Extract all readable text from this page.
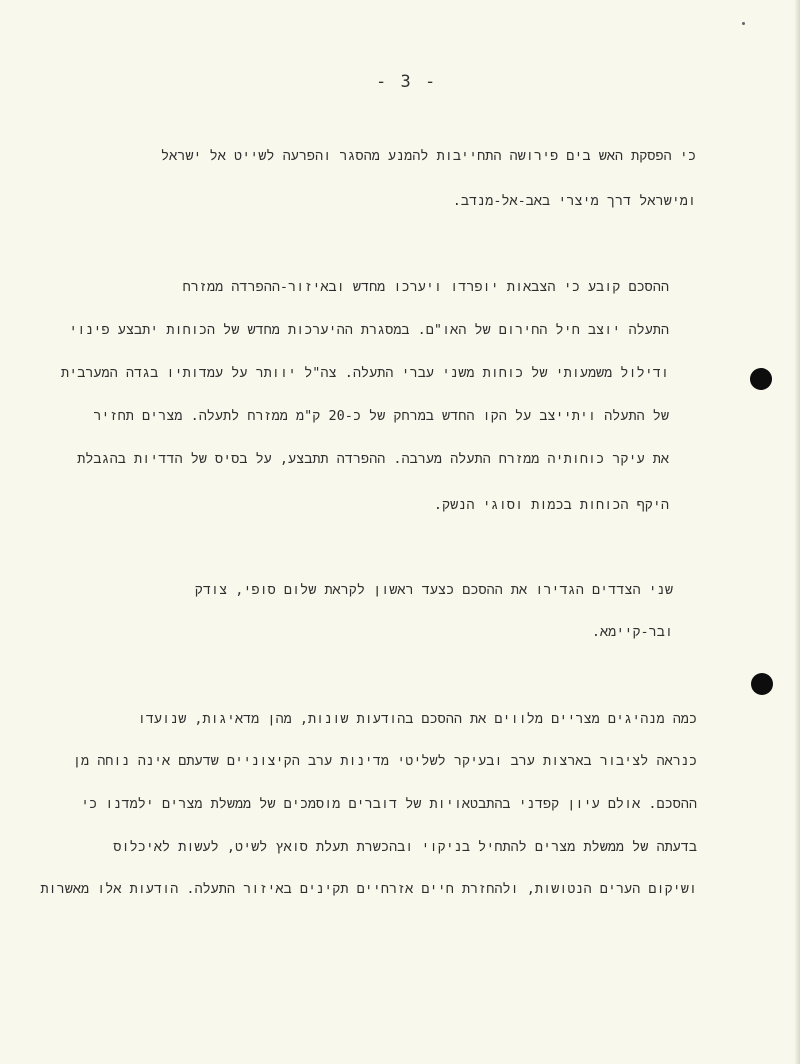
- 3 -
כי הפסקת האש בים פירושה התחייבות להמנע מהסגר והפרעה לשייט אל ישראל
ומישראל דרך מיצרי באב-אל-מנדב.
ההסכם קובע כי הצבאות יופרדו ויערכו מחדש ובאיזור-ההפרדה ממזרח
התעלה יוצב חיל החירום של האו"ם. במסגרת ההיערכות מחדש של הכוחות יתבצע פינוי
ודילול משמעותי של כוחות משני עברי התעלה. צה"ל יוותר על עמדותיו בגדה המערבית
של התעלה ויתייצב על הקו החדש במרחק של כ-20 ק"מ ממזרח לתעלה. מצרים תחזיר
את עיקר כוחותיה ממזרח התעלה מערבה. ההפרדה תתבצע, על בסיס של הדדיות בהגבלת
היקף הכוחות בכמות וסוגי הנשק.
שני הצדדים הגדירו את ההסכם כצעד ראשון לקראת שלום סופי, צודק
ובר-קיימא.
כמה מנהיגים מצריים מלווים את ההסכם בהודעות שונות, מהן מדאיגות, שנועדו
כנראה לציבור בארצות ערב ובעיקר לשליטי מדינות ערב הקיצוניים שדעתם אינה נוחה מן
ההסכם. אולם עיון קפדני בהתבטאויות של דוברים מוסמכים של ממשלת מצרים ילמדנו כי
בדעתה של ממשלת מצרים להתחיל בניקוי ובהכשרת תעלת סואץ לשיט, לעשות לאיכלוס
ושיקום הערים הנטושות, ולהחזרת חיים אזרחיים תקינים באיזור התעלה. הודעות אלו מאשרות
